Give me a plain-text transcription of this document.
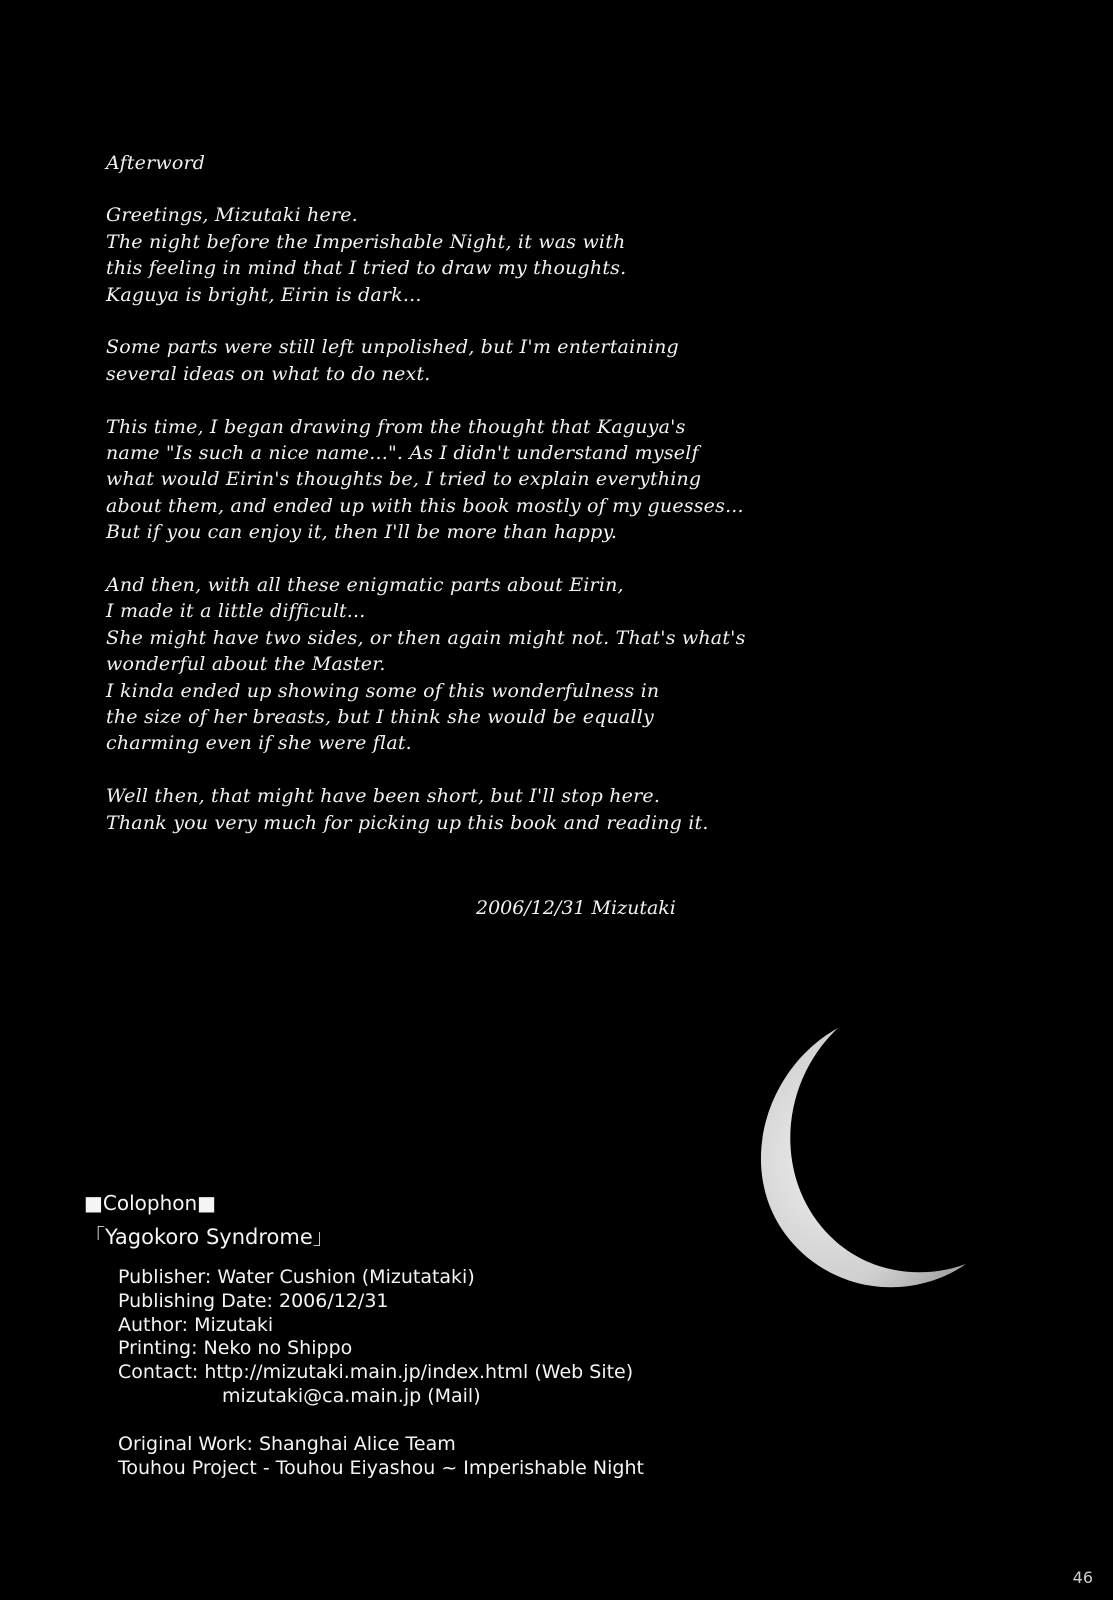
Afterword
Greetings, Mizutaki here.
The night before the Imperishable Night, it was with
this feeling in mind that I tried to draw my thoughts.
Kaguya is bright, Eirin is dark...
Some parts were still left unpolished, but I'm entertaining
several ideas on what to do next.
This time, I began drawing from the thought that Kaguya's
name "Is such a nice name...". As I didn't understand myself
what would Eirin's thoughts be, I tried to explain everything
about them, and ended up with this book mostly of my guesses...
But if you can enjoy it, then I'll be more than happy.
And then, with all these enigmatic parts about Eirin,
I made it a little difficult...
She might have two sides, or then again might not. That's what's
wonderful about the Master.
I kinda ended up showing some of this wonderfulness in
the size of her breasts, but I think she would be equally
charming even if she were flat.
Well then, that might have been short, but I'll stop here.
Thank you very much for picking up this book and reading it.
2006/12/31 Mizutaki
■Colophon■
「Yagokoro Syndrome」
Publisher: Water Cushion (Mizutataki)
Publishing Date: 2006/12/31
Author: Mizutaki
Printing: Neko no Shippo
Contact: http://mizutaki.main.jp/index.html (Web Site)
mizutaki@ca.main.jp (Mail)
Original Work: Shanghai Alice Team
Touhou Project - Touhou Eiyashou ~ Imperishable Night
46
